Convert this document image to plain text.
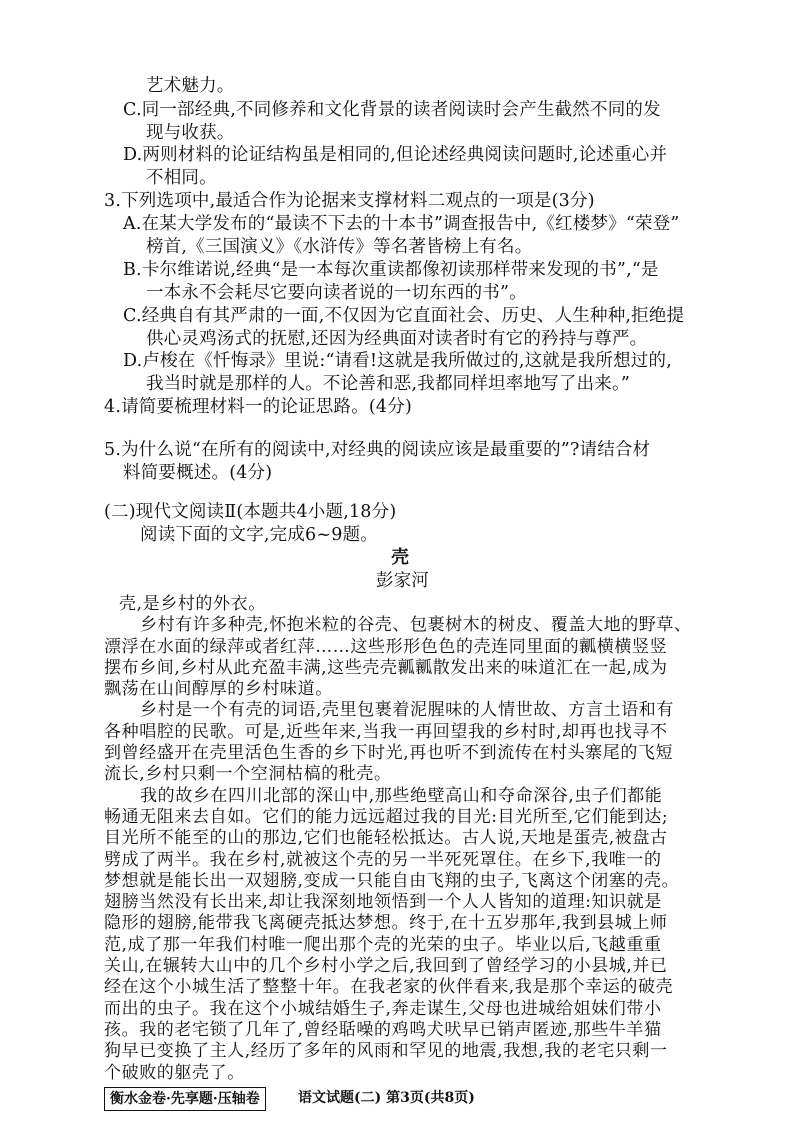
艺术魅力。
C.同一部经典,不同修养和文化背景的读者阅读时会产生截然不同的发
现与收获。
D.两则材料的论证结构虽是相同的,但论述经典阅读问题时,论述重心并
不相同。
3.下列选项中,最适合作为论据来支撑材料二观点的一项是(3分)
A.在某大学发布的“最读不下去的十本书”调查报告中,《红楼梦》“荣登”
榜首,《三国演义》《水浒传》等名著皆榜上有名。
B.卡尔维诺说,经典“是一本每次重读都像初读那样带来发现的书”,“是
一本永不会耗尽它要向读者说的一切东西的书”。
C.经典自有其严肃的一面,不仅因为它直面社会、历史、人生种种,拒绝提
供心灵鸡汤式的抚慰,还因为经典面对读者时有它的矜持与尊严。
D.卢梭在《忏悔录》里说:“请看!这就是我所做过的,这就是我所想过的,
我当时就是那样的人。不论善和恶,我都同样坦率地写了出来。”
4.请简要梳理材料一的论证思路。(4分)
5.为什么说“在所有的阅读中,对经典的阅读应该是最重要的”?请结合材
料简要概述。(4分)
(二)现代文阅读Ⅱ(本题共4小题,18分)
阅读下面的文字,完成6~9题。
壳
彭家河
壳,是乡村的外衣。
乡村有许多种壳,怀抱米粒的谷壳、包裹树木的树皮、覆盖大地的野草、
漂浮在水面的绿萍或者红萍……这些形形色色的壳连同里面的瓤横横竖竖
摆布乡间,乡村从此充盈丰满,这些壳壳瓤瓤散发出来的味道汇在一起,成为
飘荡在山间醇厚的乡村味道。
乡村是一个有壳的词语,壳里包裹着泥腥味的人情世故、方言土语和有
各种唱腔的民歌。可是,近些年来,当我一再回望我的乡村时,却再也找寻不
到曾经盛开在壳里活色生香的乡下时光,再也听不到流传在村头寨尾的飞短
流长,乡村只剩一个空洞枯槁的秕壳。
我的故乡在四川北部的深山中,那些绝壁高山和夺命深谷,虫子们都能
畅通无阻来去自如。它们的能力远远超过我的目光:目光所至,它们能到达;
目光所不能至的山的那边,它们也能轻松抵达。古人说,天地是蛋壳,被盘古
劈成了两半。我在乡村,就被这个壳的另一半死死罩住。在乡下,我唯一的
梦想就是能长出一双翅膀,变成一只能自由飞翔的虫子,飞离这个闭塞的壳。
翅膀当然没有长出来,却让我深刻地领悟到一个人人皆知的道理:知识就是
隐形的翅膀,能带我飞离硬壳抵达梦想。终于,在十五岁那年,我到县城上师
范,成了那一年我们村唯一爬出那个壳的光荣的虫子。毕业以后,飞越重重
关山,在辗转大山中的几个乡村小学之后,我回到了曾经学习的小县城,并已
经在这个小城生活了整整十年。在我老家的伙伴看来,我是那个幸运的破壳
而出的虫子。我在这个小城结婚生子,奔走谋生,父母也进城给姐妹们带小
孩。我的老宅锁了几年了,曾经聒噪的鸡鸣犬吠早已销声匿迹,那些牛羊猫
衡水金卷·先享题·压轴卷	语文试题(二) 第3页(共8页)
狗早已变换了主人,经历了多年的风雨和罕见的地震,我想,我的老宅只剩一
个破败的躯壳了。
